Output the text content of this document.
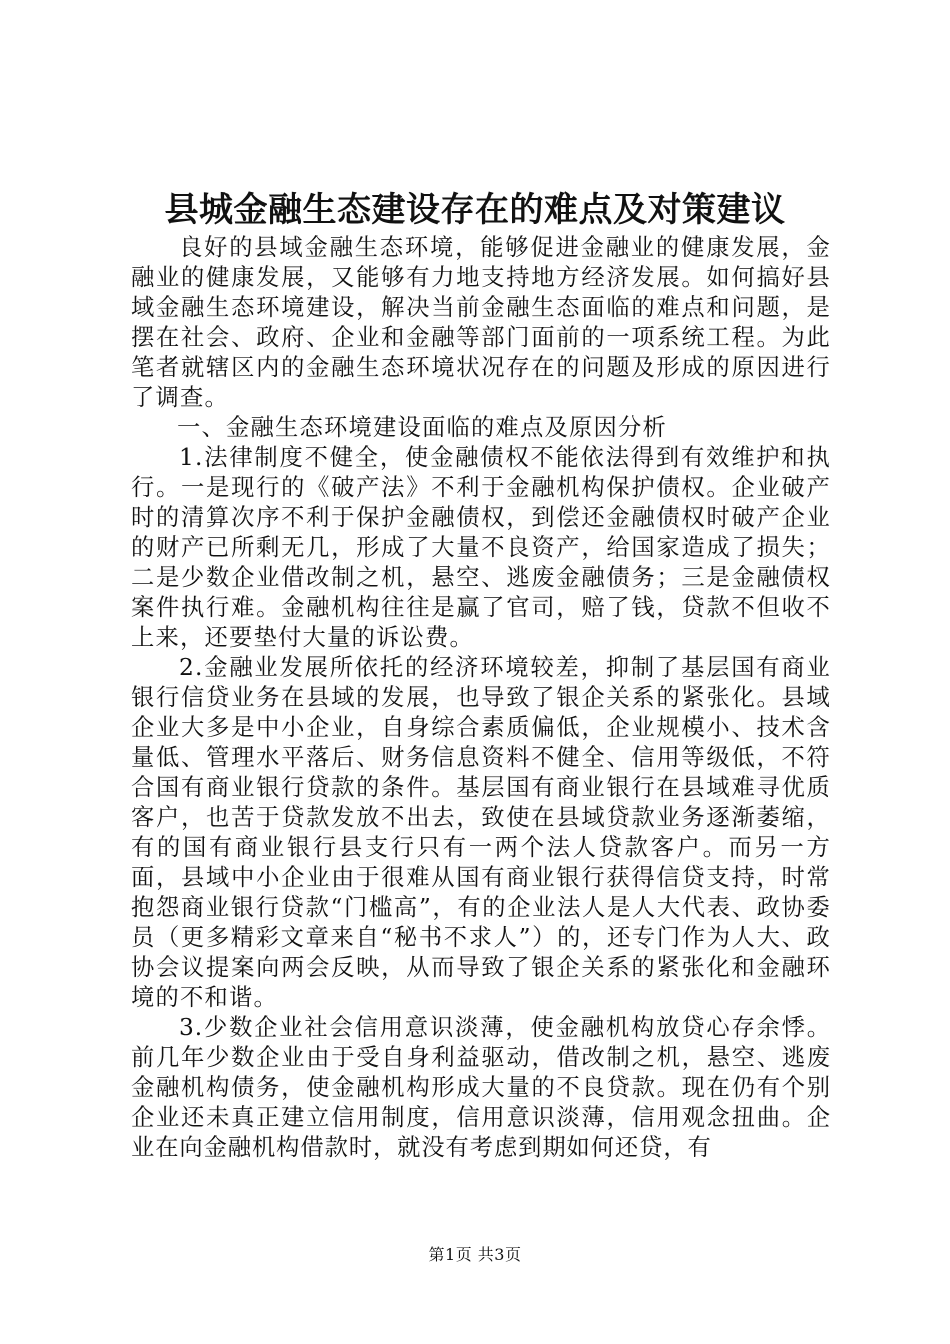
县城金融生态建设存在的难点及对策建议

良好的县域金融生态环境，能够促进金融业的健康发展，金融业的健康发展，又能够有力地支持地方经济发展。如何搞好县域金融生态环境建设，解决当前金融生态面临的难点和问题，是摆在社会、政府、企业和金融等部门面前的一项系统工程。为此笔者就辖区内的金融生态环境状况存在的问题及形成的原因进行了调查。

一、金融生态环境建设面临的难点及原因分析

1.法律制度不健全，使金融债权不能依法得到有效维护和执行。一是现行的《破产法》不利于金融机构保护债权。企业破产时的清算次序不利于保护金融债权，到偿还金融债权时破产企业的财产已所剩无几，形成了大量不良资产，给国家造成了损失；二是少数企业借改制之机，悬空、逃废金融债务；三是金融债权案件执行难。金融机构往往是赢了官司，赔了钱，贷款不但收不上来，还要垫付大量的诉讼费。

2.金融业发展所依托的经济环境较差，抑制了基层国有商业银行信贷业务在县域的发展，也导致了银企关系的紧张化。县域企业大多是中小企业，自身综合素质偏低，企业规模小、技术含量低、管理水平落后、财务信息资料不健全、信用等级低，不符合国有商业银行贷款的条件。基层国有商业银行在县域难寻优质客户，也苦于贷款发放不出去，致使在县域贷款业务逐渐萎缩，有的国有商业银行县支行只有一两个法人贷款客户。而另一方面，县域中小企业由于很难从国有商业银行获得信贷支持，时常抱怨商业银行贷款“门槛高”，有的企业法人是人大代表、政协委员（更多精彩文章来自“秘书不求人”）的，还专门作为人大、政协会议提案向两会反映，从而导致了银企关系的紧张化和金融环境的不和谐。

3.少数企业社会信用意识淡薄，使金融机构放贷心存余悸。前几年少数企业由于受自身利益驱动，借改制之机，悬空、逃废金融机构债务，使金融机构形成大量的不良贷款。现在仍有个别企业还未真正建立信用制度，信用意识淡薄，信用观念扭曲。企业在向金融机构借款时，就没有考虑到期如何还贷，有

第1页 共3页
